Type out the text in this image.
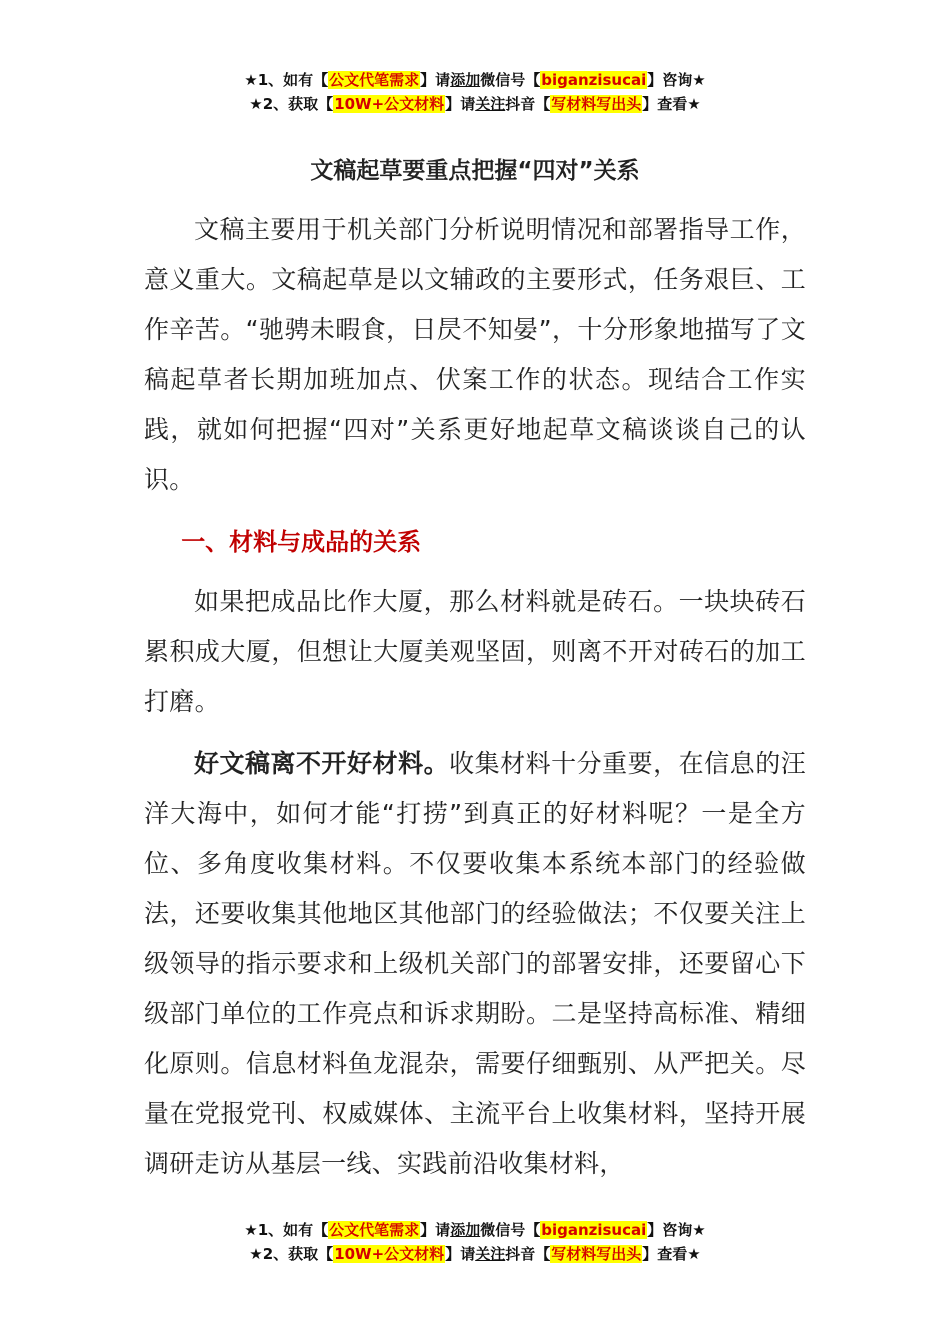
★1、如有【公文代笔需求】请添加微信号【biganzisucai】咨询★
★2、获取【10W+公文材料】请关注抖音【写材料写出头】查看★
文稿起草要重点把握“四对”关系

文稿主要用于机关部门分析说明情况和部署指导工作，意义重大。文稿起草是以文辅政的主要形式，任务艰巨、工作辛苦。“驰骋未暇食，日昃不知晏”，十分形象地描写了文稿起草者长期加班加点、伏案工作的状态。现结合工作实践，就如何把握“四对”关系更好地起草文稿谈谈自己的认识。

一、材料与成品的关系

如果把成品比作大厦，那么材料就是砖石。一块块砖石累积成大厦，但想让大厦美观坚固，则离不开对砖石的加工打磨。

好文稿离不开好材料。收集材料十分重要，在信息的汪洋大海中，如何才能“打捞”到真正的好材料呢？一是全方位、多角度收集材料。不仅要收集本系统本部门的经验做法，还要收集其他地区其他部门的经验做法；不仅要关注上级领导的指示要求和上级机关部门的部署安排，还要留心下级部门单位的工作亮点和诉求期盼。二是坚持高标准、精细化原则。信息材料鱼龙混杂，需要仔细甄别、从严把关。尽量在党报党刊、权威媒体、主流平台上收集材料，坚持开展调研走访从基层一线、实践前沿收集材料，

★1、如有【公文代笔需求】请添加微信号【biganzisucai】咨询★
★2、获取【10W+公文材料】请关注抖音【写材料写出头】查看★
